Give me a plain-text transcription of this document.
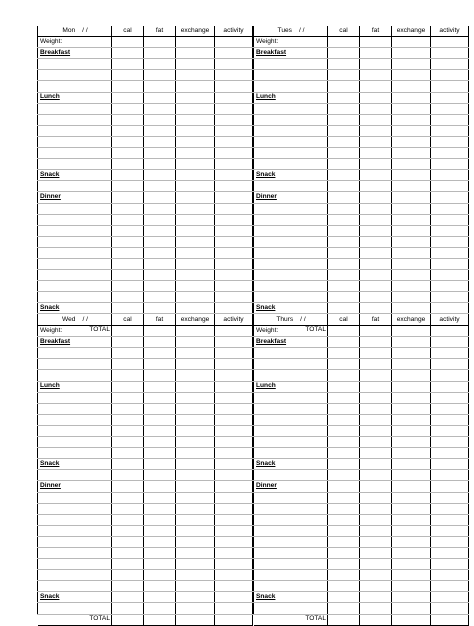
Mon / /	cal	fat	exchange	activity
Weight:				
Breakfast				

Lunch				

Snack				

Dinner				

Snack				

TOTAL				
Tues / /	cal	fat	exchange	activity
Weight:				
Breakfast				

Lunch				

Snack				

Dinner				

Snack				

TOTAL				
Wed / /	cal	fat	exchange	activity
Weight:				
Breakfast				

Lunch				

Snack				

Dinner				

Snack				

TOTAL				
Thurs / /	cal	fat	exchange	activity
Weight:				
Breakfast				

Lunch				

Snack				

Dinner				

Snack				

TOTAL				
